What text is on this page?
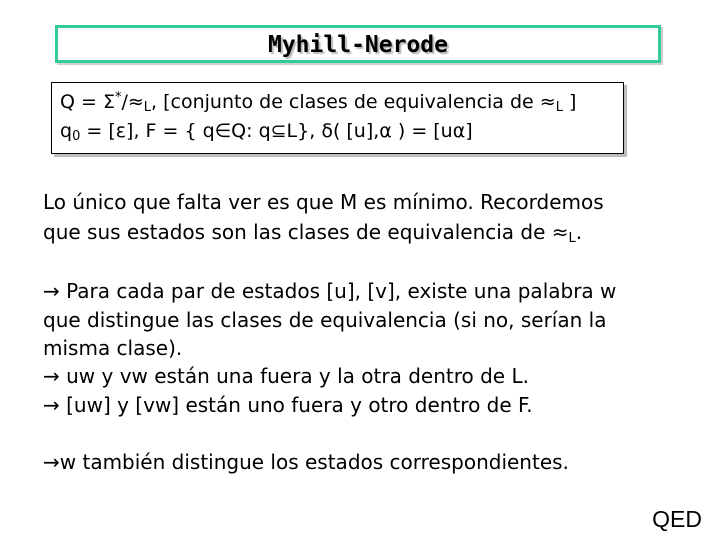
Myhill-Nerode
$Q = \Sigma^*/\approx_L$, [conjunto de clases de equivalencia de $\approx_L$ ]
$q_0 = [\varepsilon]$, F = { q∈Q: q⊆L}, δ( [u],α ) = [uα]
Lo único que falta ver es que M es mínimo. Recordemos
que sus estados son las clases de equivalencia de $\approx_L$.
→ Para cada par de estados [u], [v], existe una palabra w
que distingue las clases de equivalencia (si no, serían la
misma clase).
→ uw y vw están una fuera y la otra dentro de L.
→ [uw] y [vw] están uno fuera y otro dentro de F.
→w también distingue los estados correspondientes.
QED
